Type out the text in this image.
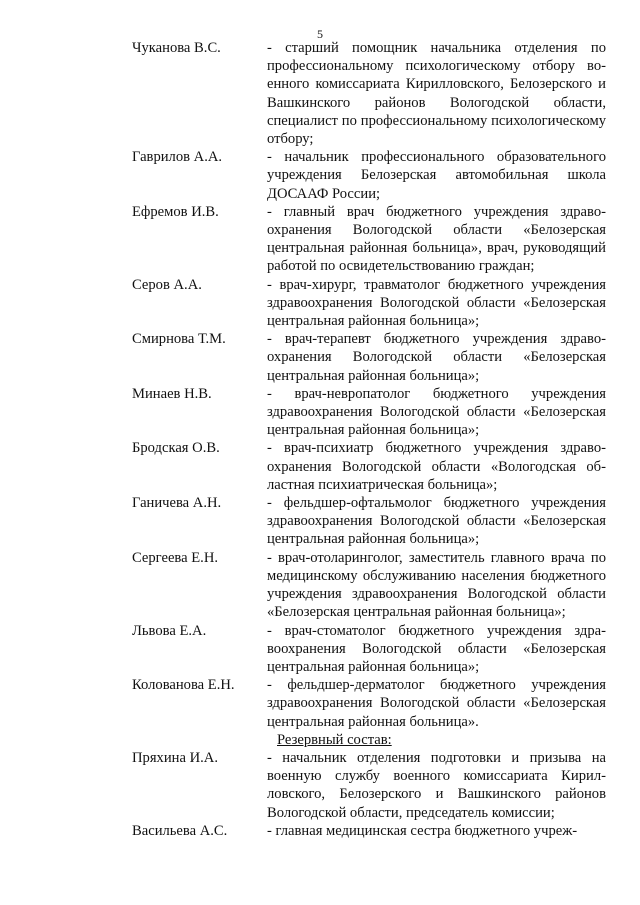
5
Чуканова В.С.	- старший помощник начальника отделения по профессиональному психологическому отбору военного комиссариата Кирилловского, Белозерского и Вашкинского районов Вологодской области, специалист по профессиональному психологическому отбору;
Гаврилов А.А.	- начальник профессионального образовательного учреждения Белозерская автомобильная школа ДОСААФ России;
Ефремов И.В.	- главный врач бюджетного учреждения здравоохранения Вологодской области «Белозерская центральная районная больница», врач, руководящий работой по освидетельствованию граждан;
Серов А.А.	- врач-хирург, травматолог бюджетного учреждения здравоохранения Вологодской области «Белозерская центральная районная больница»;
Смирнова Т.М.	- врач-терапевт бюджетного учреждения здравоохранения Вологодской области «Белозерская центральная районная больница»;
Минаев Н.В.	- врач-невропатолог бюджетного учреждения здравоохранения Вологодской области «Белозерская центральная районная больница»;
Бродская О.В.	- врач-психиатр бюджетного учреждения здравоохранения Вологодской области «Вологодская областная психиатрическая больница»;
Ганичева А.Н.	- фельдшер-офтальмолог бюджетного учреждения здравоохранения Вологодской области «Белозерская центральная районная больница»;
Сергеева Е.Н.	- врач-отоларинголог, заместитель главного врача по медицинскому обслуживанию населения бюджетного учреждения здравоохранения Вологодской области «Белозерская центральная районная больница»;
Львова Е.А.	- врач-стоматолог бюджетного учреждения здравоохранения Вологодской области «Белозерская центральная районная больница»;
Колованова Е.Н.	- фельдшер-дерматолог бюджетного учреждения здравоохранения Вологодской области «Белозерская центральная районная больница».
Резервный состав:
Пряхина И.А.	- начальник отделения подготовки и призыва на военную службу военного комиссариата Кирилловского, Белозерского и Вашкинского районов Вологодской области, председатель комиссии;
Васильева А.С.	- главная медицинская сестра бюджетного учреж-
